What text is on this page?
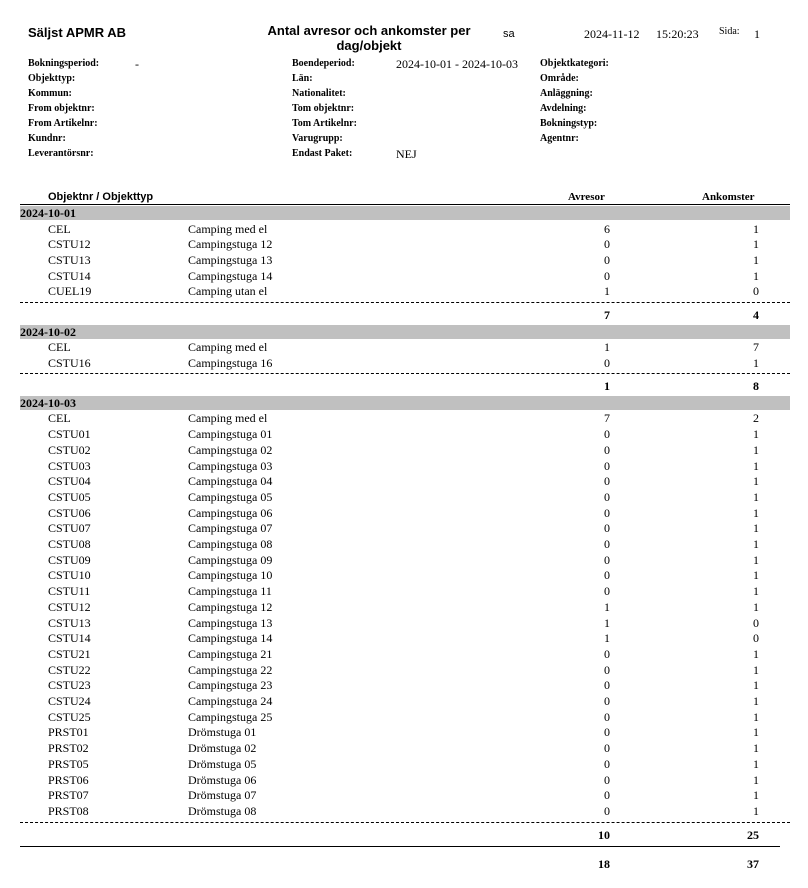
Säljst APMR AB	Antal avresor och ankomster per dag/objekt
sa	2024-11-12 15:20:23 Sida: 1
Bokningsperiod:	-
Objekttyp:
Kommun:
From objektnr:
From Artikelnr:
Kundnr:
Leverantörsnr:
Boendeperiod:	2024-10-01 - 2024-10-03
Län:
Nationalitet:
Tom objektnr:
Tom Artikelnr:
Varugrupp:
Endast Paket:	NEJ
Objektkategori:
Område:
Anläggning:
Avdelning:
Bokningstyp:
Agentnr:
Objektnr / Objekttyp	Avresor	Ankomster
2024-10-01
CEL	Camping med el	6	1
CSTU12	Campingstuga 12	0	1
CSTU13	Campingstuga 13	0	1
CSTU14	Campingstuga 14	0	1
CUEL19	Camping utan el	1	0
7	4
2024-10-02
CEL	Camping med el	1	7
CSTU16	Campingstuga 16	0	1
1	8
2024-10-03
CEL	Camping med el	7	2
CSTU01	Campingstuga 01	0	1
CSTU02	Campingstuga 02	0	1
CSTU03	Campingstuga 03	0	1
CSTU04	Campingstuga 04	0	1
CSTU05	Campingstuga 05	0	1
CSTU06	Campingstuga 06	0	1
CSTU07	Campingstuga 07	0	1
CSTU08	Campingstuga 08	0	1
CSTU09	Campingstuga 09	0	1
CSTU10	Campingstuga 10	0	1
CSTU11	Campingstuga 11	0	1
CSTU12	Campingstuga 12	1	1
CSTU13	Campingstuga 13	1	0
CSTU14	Campingstuga 14	1	0
CSTU21	Campingstuga 21	0	1
CSTU22	Campingstuga 22	0	1
CSTU23	Campingstuga 23	0	1
CSTU24	Campingstuga 24	0	1
CSTU25	Campingstuga 25	0	1
PRST01	Drömstuga 01	0	1
PRST02	Drömstuga 02	0	1
PRST05	Drömstuga 05	0	1
PRST06	Drömstuga 06	0	1
PRST07	Drömstuga 07	0	1
PRST08	Drömstuga 08	0	1
10	25
18	37
